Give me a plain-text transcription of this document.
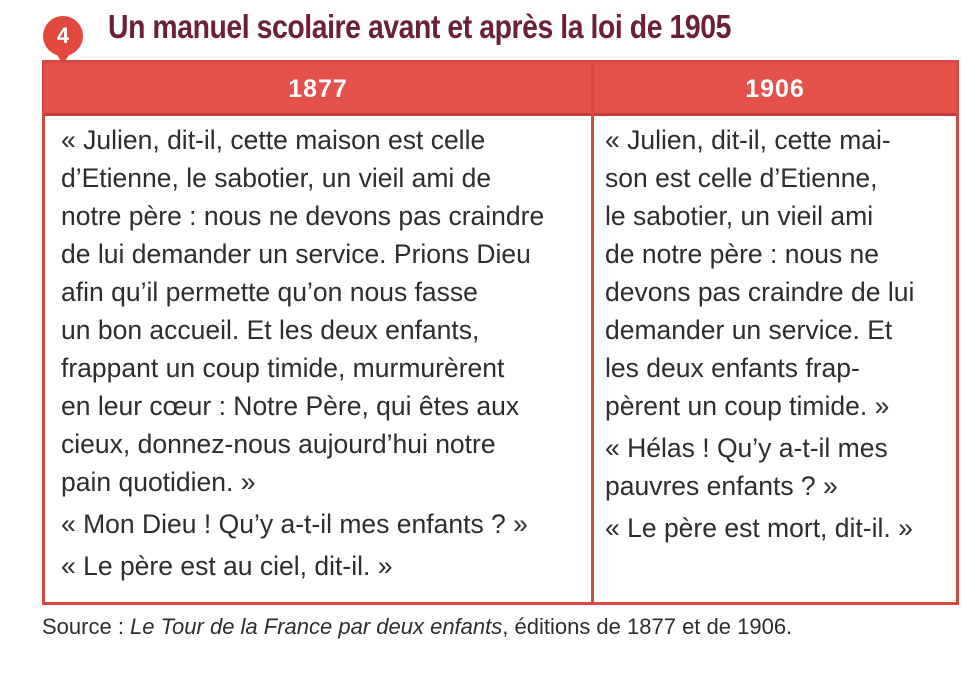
4	Un manuel scolaire avant et après la loi de 1905
1877	1906

« Julien, dit-il, cette maison est celle
d’Etienne, le sabotier, un vieil ami de
notre père : nous ne devons pas craindre
de lui demander un service. Prions Dieu
afin qu’il permette qu’on nous fasse
un bon accueil. Et les deux enfants,
frappant un coup timide, murmurèrent
en leur cœur : Notre Père, qui êtes aux
cieux, donnez-nous aujourd’hui notre
pain quotidien. »

« Mon Dieu ! Qu’y a-t-il mes enfants ? »

« Le père est au ciel, dit-il. »

« Julien, dit-il, cette mai-
son est celle d’Etienne,
le sabotier, un vieil ami
de notre père : nous ne
devons pas craindre de lui
demander un service. Et
les deux enfants frap-
pèrent un coup timide. »

« Hélas ! Qu’y a-t-il mes
pauvres enfants ? »

« Le père est mort, dit-il. »

Source : Le Tour de la France par deux enfants, éditions de 1877 et de 1906.
